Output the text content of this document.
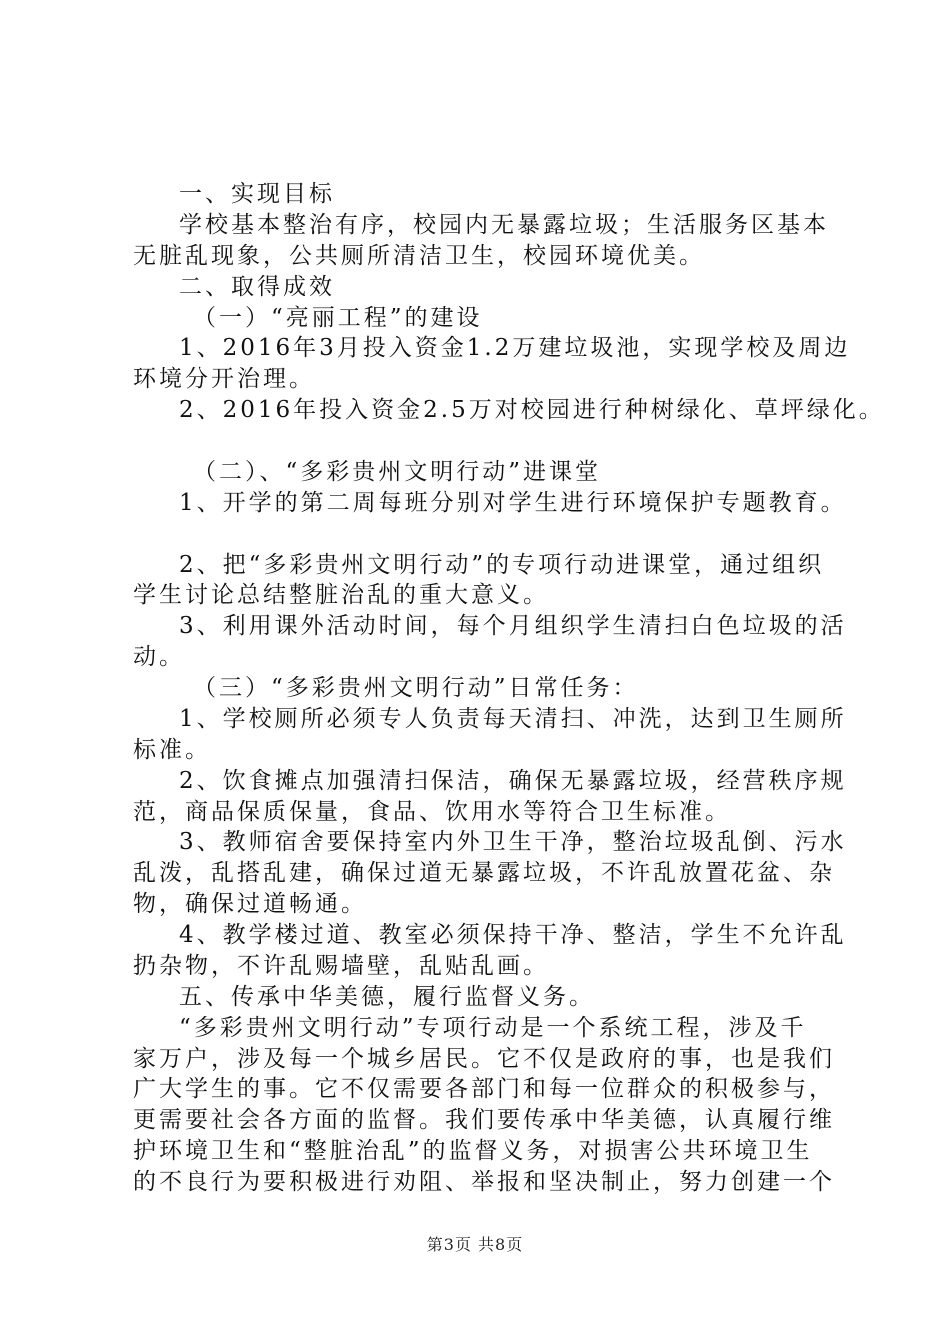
一、实现目标
学校基本整治有序，校园内无暴露垃圾；生活服务区基本
无脏乱现象，公共厕所清洁卫生，校园环境优美。
二、取得成效
（一）“亮丽工程”的建设
1、2016年3月投入资金1.2万建垃圾池，实现学校及周边
环境分开治理。
2、2016年投入资金2.5万对校园进行种树绿化、草坪绿化。
（二）、“多彩贵州文明行动”进课堂
1、开学的第二周每班分别对学生进行环境保护专题教育。
2、把“多彩贵州文明行动”的专项行动进课堂，通过组织
学生讨论总结整脏治乱的重大意义。
3、利用课外活动时间，每个月组织学生清扫白色垃圾的活
动。
（三）“多彩贵州文明行动”日常任务：
1、学校厕所必须专人负责每天清扫、冲洗，达到卫生厕所
标准。
2、饮食摊点加强清扫保洁，确保无暴露垃圾，经营秩序规
范，商品保质保量，食品、饮用水等符合卫生标准。
3、教师宿舍要保持室内外卫生干净，整治垃圾乱倒、污水
乱泼，乱搭乱建，确保过道无暴露垃圾，不许乱放置花盆、杂
物，确保过道畅通。
4、教学楼过道、教室必须保持干净、整洁，学生不允许乱
扔杂物，不许乱赐墙壁，乱贴乱画。
五、传承中华美德，履行监督义务。
“多彩贵州文明行动”专项行动是一个系统工程，涉及千
家万户，涉及每一个城乡居民。它不仅是政府的事，也是我们
广大学生的事。它不仅需要各部门和每一位群众的积极参与，
更需要社会各方面的监督。我们要传承中华美德，认真履行维
护环境卫生和“整脏治乱”的监督义务，对损害公共环境卫生
的不良行为要积极进行劝阻、举报和坚决制止，努力创建一个
第3页 共8页
